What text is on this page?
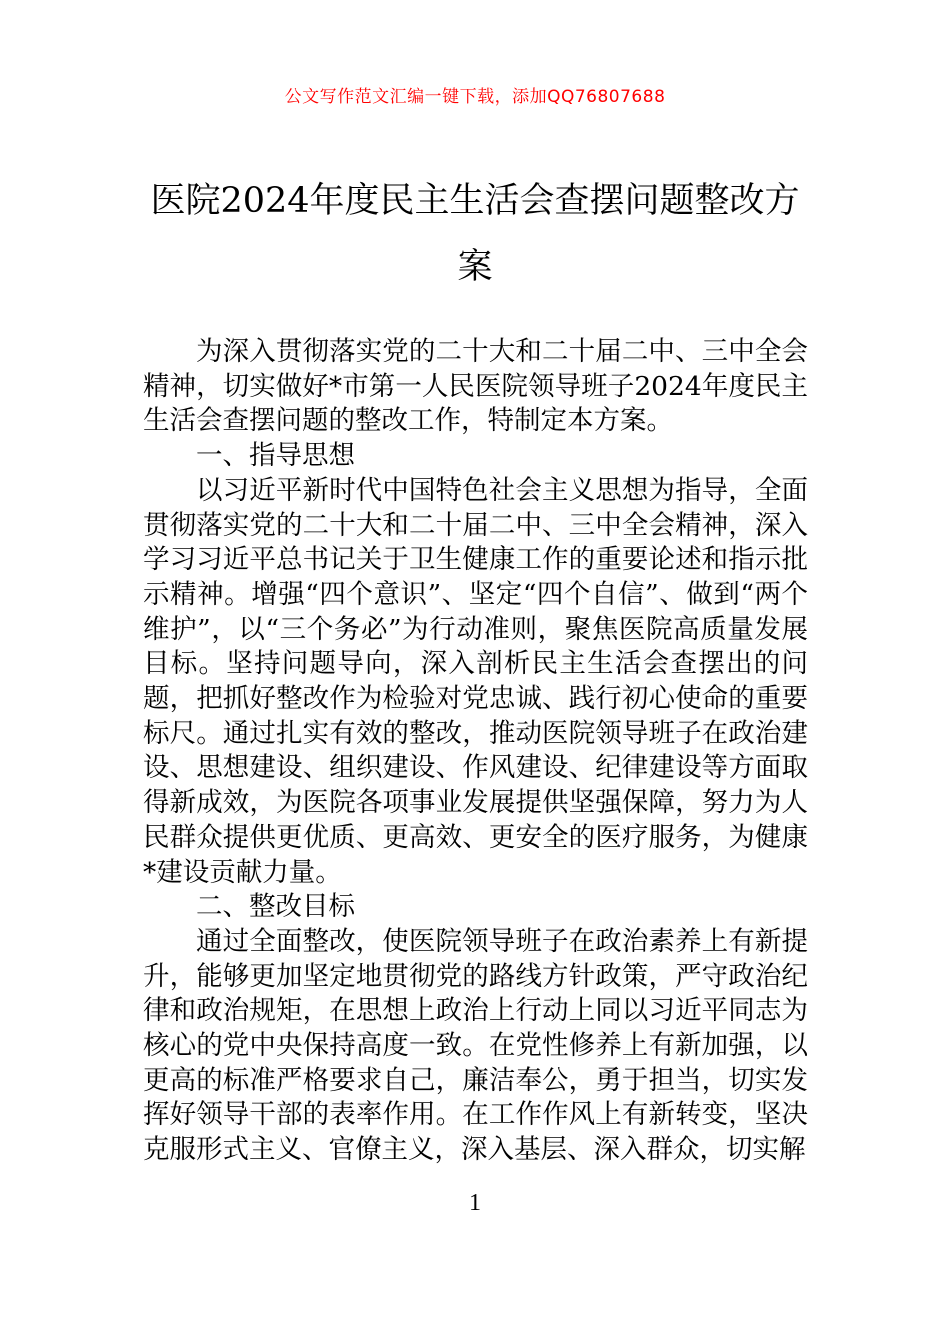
公文写作范文汇编一键下载，添加QQ76807688
医院2024年度民主生活会查摆问题整改方案

为深入贯彻落实党的二十大和二十届二中、三中全会精神，切实做好*市第一人民医院领导班子2024年度民主生活会查摆问题的整改工作，特制定本方案。

一、指导思想

以习近平新时代中国特色社会主义思想为指导，全面贯彻落实党的二十大和二十届二中、三中全会精神，深入学习习近平总书记关于卫生健康工作的重要论述和指示批示精神。增强“四个意识”、坚定“四个自信”、做到“两个维护”，以“三个务必”为行动准则，聚焦医院高质量发展目标。坚持问题导向，深入剖析民主生活会查摆出的问题，把抓好整改作为检验对党忠诚、践行初心使命的重要标尺。通过扎实有效的整改，推动医院领导班子在政治建设、思想建设、组织建设、作风建设、纪律建设等方面取得新成效，为医院各项事业发展提供坚强保障，努力为人民群众提供更优质、更高效、更安全的医疗服务，为健康*建设贡献力量。

二、整改目标

通过全面整改，使医院领导班子在政治素养上有新提升，能够更加坚定地贯彻党的路线方针政策，严守政治纪律和政治规矩，在思想上政治上行动上同以习近平同志为核心的党中央保持高度一致。在党性修养上有新加强，以更高的标准严格要求自己，廉洁奉公，勇于担当，切实发挥好领导干部的表率作用。在工作作风上有新转变，坚决克服形式主义、官僚主义，深入基层、深入群众，切实解

1
